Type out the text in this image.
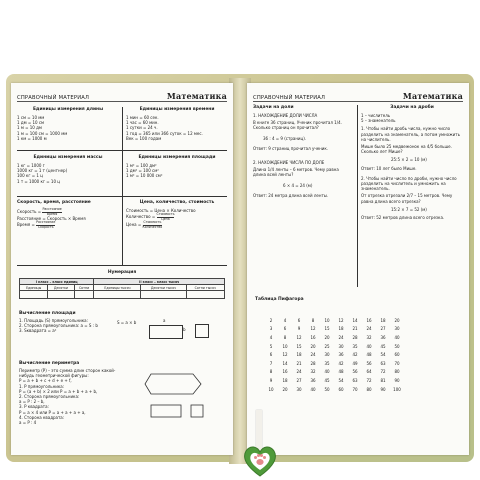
СПРАВОЧНЫЙ МАТЕРИАЛ	Математика
Единицы измерения длины
1 см = 10 мм
1 дм = 10 см
1 м = 10 дм
1 м = 100 см = 1000 мм
1 км = 1000 м
Единицы измерения времени
1 мин = 60 сек.
1 час = 60 мин.
1 сутки = 24 ч.
1 год = 365 или 366 суток = 12 мес.
Век = 100 годам
Единицы измерения массы
1 кг = 1000 г
1000 кг = 1 т (центнер)
100 кг = 1 ц
1 т = 1000 кг = 10 ц
Единицы измерения площади
1 м² = 100 дм²
1 дм² = 100 см²
1 м² = 10 000 см²
Скорость, время, расстояние
Скорость =
Расстояние
Время
Расстояние = Скорость × Время
Время =
Расстояние
Скорость
Цена, количество, стоимость
Стоимость = Цена × Количество
Количество =
Стоимость
Цена
Цена =
Стоимость
Количество
Нумерация
I класс – класс единиц			II класс – класс тысяч		
Единицы	Десятки	Сотни	Единицы тысяч	Десятки тысяч	Сотни тысяч

Вычисление площади
1. Площадь (S) прямоугольника:
2. Сторона прямоугольника: a = S : b
3. Sквадрата = a²
S = a × b	a
b
Вычисление периметра
Периметр (P) – это сумма длин сторон какой-нибудь геометрической фигуры:
P = a + b + c + d + e + f,
1. P прямоугольника:
P = (a + b) × 2 или P = a + b + a + b,
2. Сторона прямоугольника:
a = P : 2 – b,
3. P квадрата:
P = a × 4 или P = a + a + a + a,
4. Сторона квадрата:
a = P : 4
СПРАВОЧНЫЙ МАТЕРИАЛ	Математика
Задачи на доли
1. НАХОЖДЕНИЕ ДОЛИ ЧИСЛА
В книге 36 страниц. Ученик прочитал 1/4. Сколько страниц он прочитал?
36 : 4 = 9 (страниц).
Ответ: 9 страниц прочитал ученик.
2. НАХОЖДЕНИЕ ЧИСЛА ПО ДОЛЕ
Длина 1/4 ленты – 6 метров. Чему равна длина всей ленты?
6 × 4 = 24 (м)
Ответ: 24 метра длина всей ленты.
Задачи на дроби
1 – числитель
5 – знаменатель
1. Чтобы найти дробь числа, нужно число разделить на знаменатель, а потом умножить на числитель.
Мише было 25 медвежонок на 4/5 больше. Сколько лет Мише?
25:5 × 2 = 10 (м)
Ответ: 10 лет было Мише.
2. Чтобы найти число по дроби, нужно число разделить на числитель и умножить на знаменатель.
От отрезка отрезали 2/7 – 15 метров. Чему равна длина всего отрезка?
15:2 × 7 = 52 (м)
Ответ: 52 метров длина всего отрезка.
Таблица Пифагора
2	4	6	8	10	12	14	16	18	20
3	6	9	12	15	18	21	24	27	30
4	8	12	16	20	24	28	32	36	40
5	10	15	20	25	30	35	40	45	50
6	12	18	24	30	36	42	48	54	60
7	14	21	28	35	42	49	56	63	70
8	16	24	32	40	48	56	64	72	80
9	18	27	36	45	54	63	72	81	90
10	20	30	40	50	60	70	80	90	100
